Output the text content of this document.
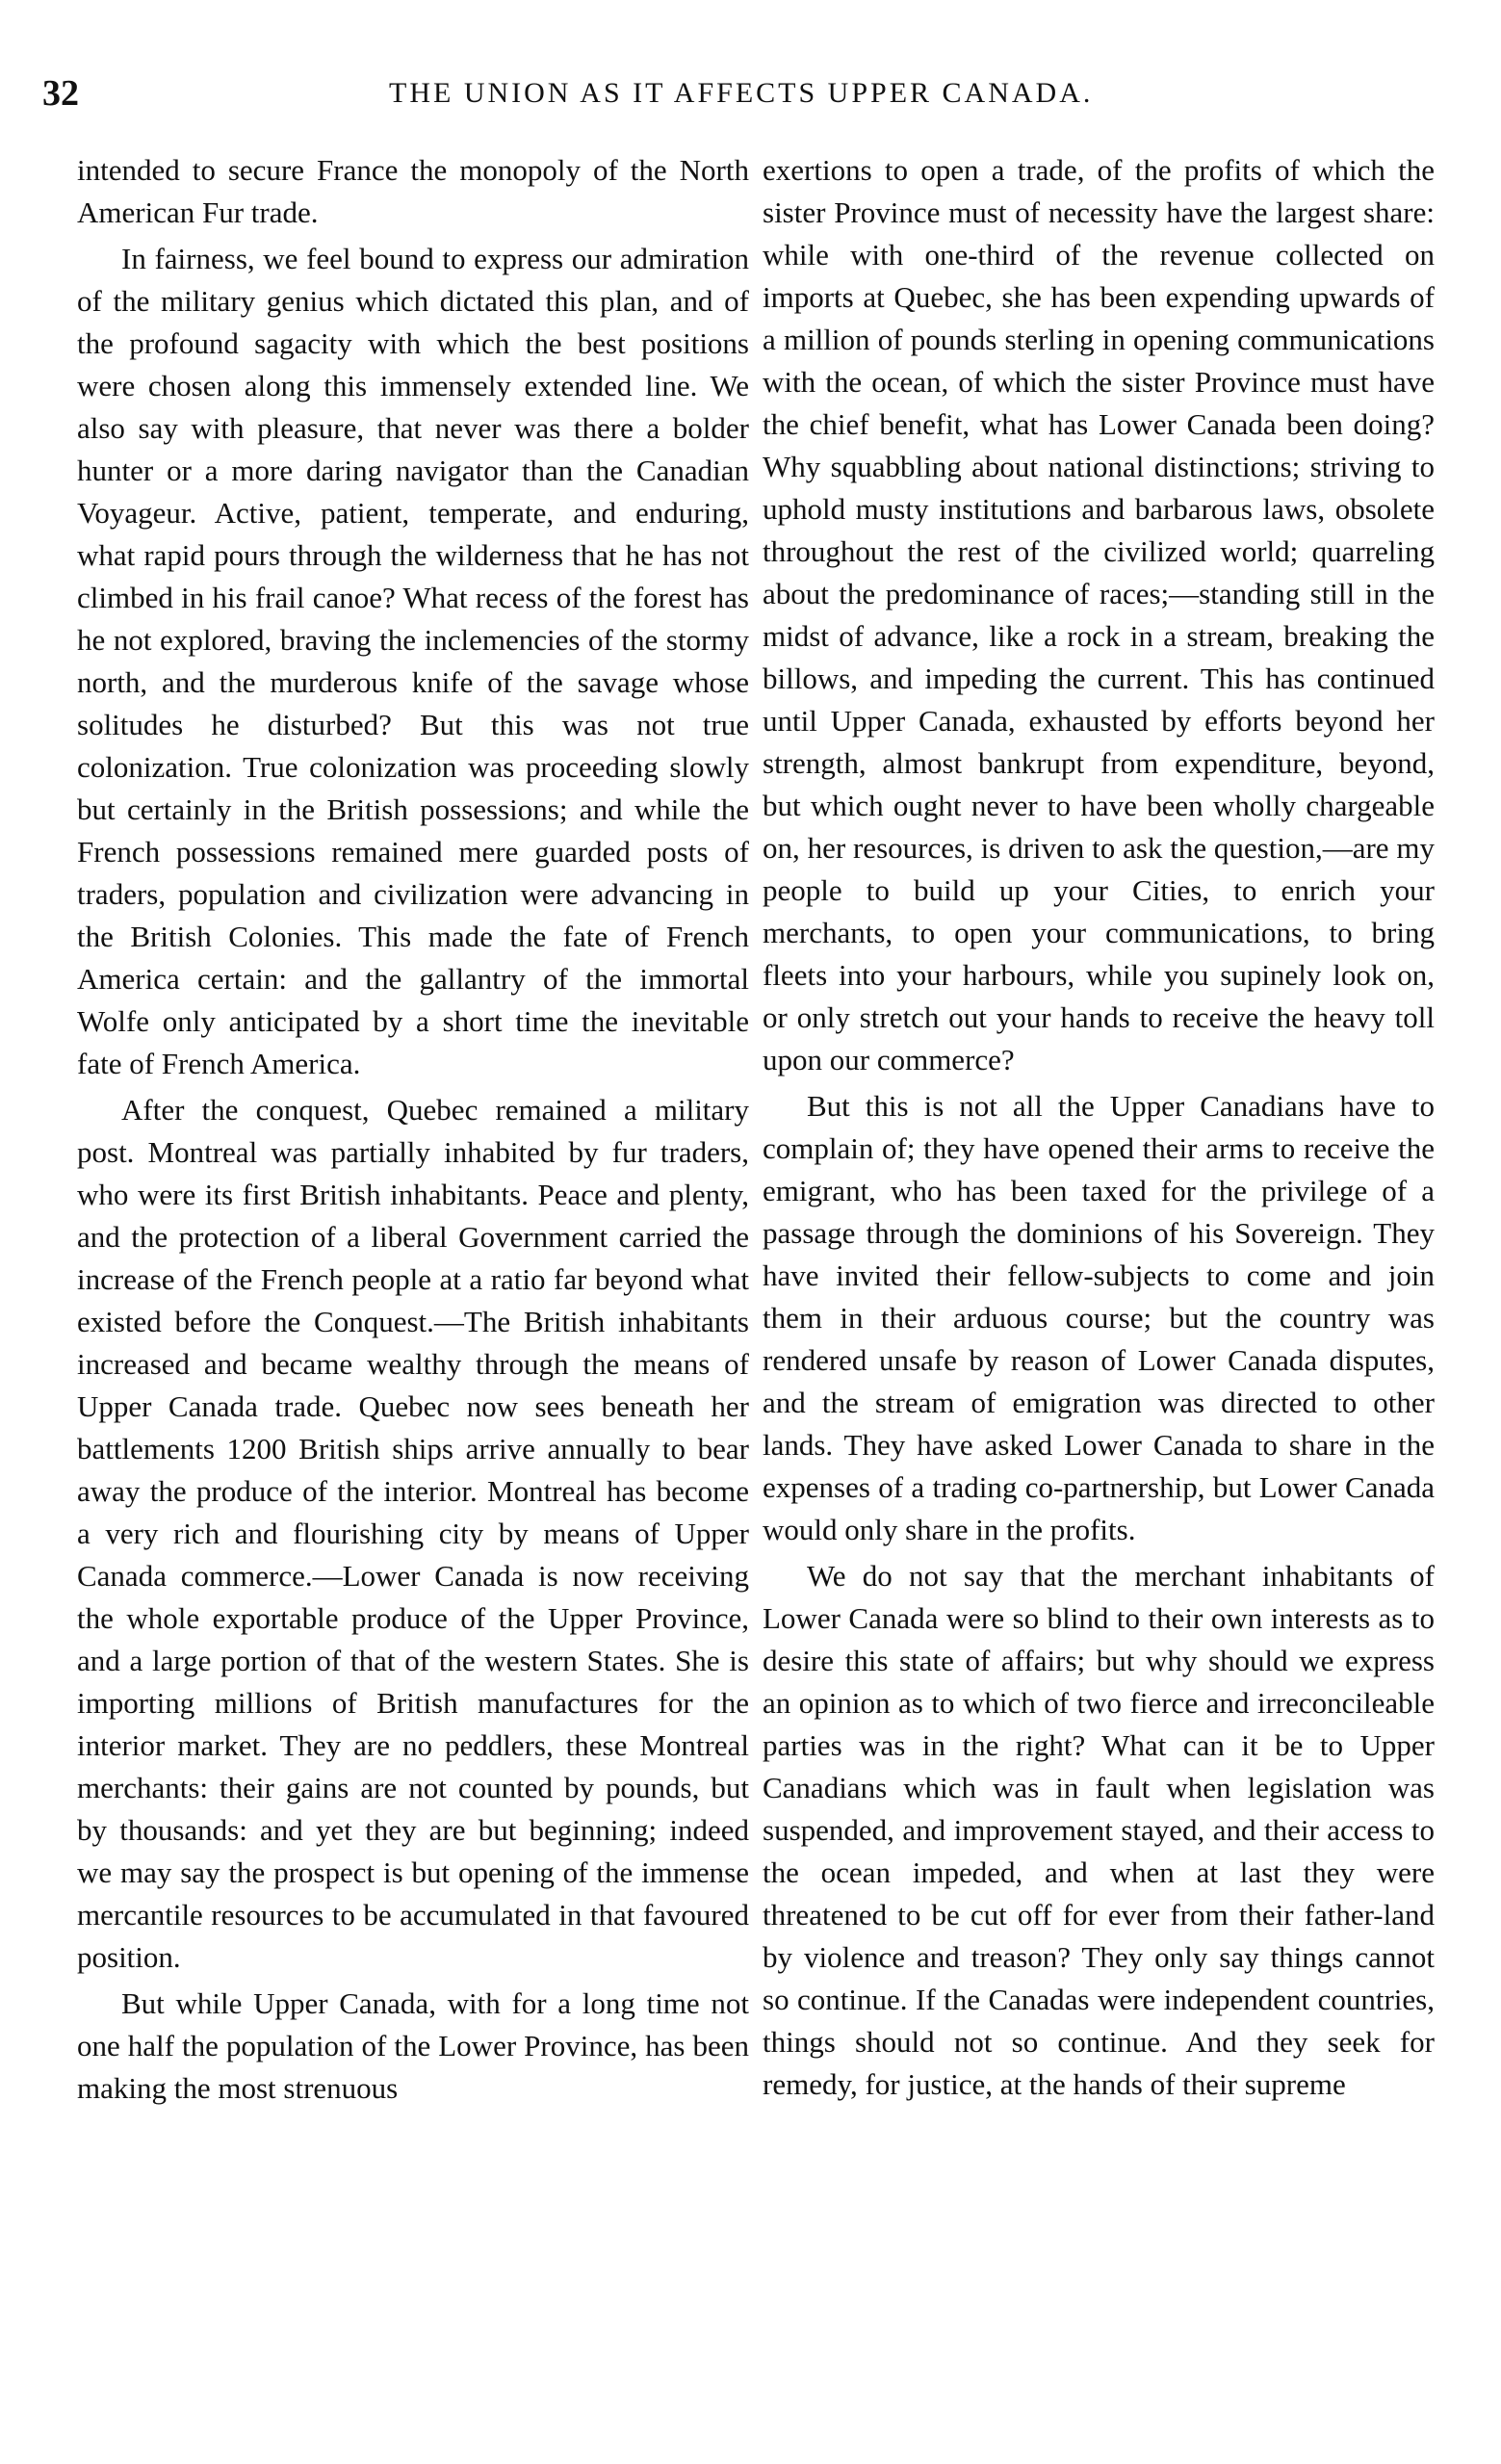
32	THE UNION AS IT AFFECTS UPPER CANADA.

intended to secure France the monopoly of the North American Fur trade.

In fairness, we feel bound to express our admiration of the military genius which dictated this plan, and of the profound sagacity with which the best positions were chosen along this immensely extended line. We also say with pleasure, that never was there a bolder hunter or a more daring navigator than the Canadian Voyageur. Active, patient, temperate, and enduring, what rapid pours through the wilderness that he has not climbed in his frail canoe? What recess of the forest has he not explored, braving the inclemencies of the stormy north, and the murderous knife of the savage whose solitudes he disturbed? But this was not true colonization. True colonization was proceeding slowly but certainly in the British possessions; and while the French possessions remained mere guarded posts of traders, population and civilization were advancing in the British Colonies. This made the fate of French America certain: and the gallantry of the immortal Wolfe only anticipated by a short time the inevitable fate of French America.

After the conquest, Quebec remained a military post. Montreal was partially inhabited by fur traders, who were its first British inhabitants. Peace and plenty, and the protection of a liberal Government carried the increase of the French people at a ratio far beyond what existed before the Conquest.—The British inhabitants increased and became wealthy through the means of Upper Canada trade. Quebec now sees beneath her battlements 1200 British ships arrive annually to bear away the produce of the interior. Montreal has become a very rich and flourishing city by means of Upper Canada commerce.—Lower Canada is now receiving the whole exportable produce of the Upper Province, and a large portion of that of the western States. She is importing millions of British manufactures for the interior market. They are no peddlers, these Montreal merchants: their gains are not counted by pounds, but by thousands: and yet they are but beginning; indeed we may say the prospect is but opening of the immense mercantile resources to be accumulated in that favoured position.

But while Upper Canada, with for a long time not one half the population of the Lower Province, has been making the most strenuous

exertions to open a trade, of the profits of which the sister Province must of necessity have the largest share: while with one-third of the revenue collected on imports at Quebec, she has been expending upwards of a million of pounds sterling in opening communications with the ocean, of which the sister Province must have the chief benefit, what has Lower Canada been doing? Why squabbling about national distinctions; striving to uphold musty institutions and barbarous laws, obsolete throughout the rest of the civilized world; quarreling about the predominance of races;—standing still in the midst of advance, like a rock in a stream, breaking the billows, and impeding the current. This has continued until Upper Canada, exhausted by efforts beyond her strength, almost bankrupt from expenditure, beyond, but which ought never to have been wholly chargeable on, her resources, is driven to ask the question,—are my people to build up your Cities, to enrich your merchants, to open your communications, to bring fleets into your harbours, while you supinely look on, or only stretch out your hands to receive the heavy toll upon our commerce?

But this is not all the Upper Canadians have to complain of; they have opened their arms to receive the emigrant, who has been taxed for the privilege of a passage through the dominions of his Sovereign. They have invited their fellow-subjects to come and join them in their arduous course; but the country was rendered unsafe by reason of Lower Canada disputes, and the stream of emigration was directed to other lands. They have asked Lower Canada to share in the expenses of a trading co-partnership, but Lower Canada would only share in the profits.

We do not say that the merchant inhabitants of Lower Canada were so blind to their own interests as to desire this state of affairs; but why should we express an opinion as to which of two fierce and irreconcileable parties was in the right? What can it be to Upper Canadians which was in fault when legislation was suspended, and improvement stayed, and their access to the ocean impeded, and when at last they were threatened to be cut off for ever from their father-land by violence and treason? They only say things cannot so continue. If the Canadas were independent countries, things should not so continue. And they seek for remedy, for justice, at the hands of their supreme
